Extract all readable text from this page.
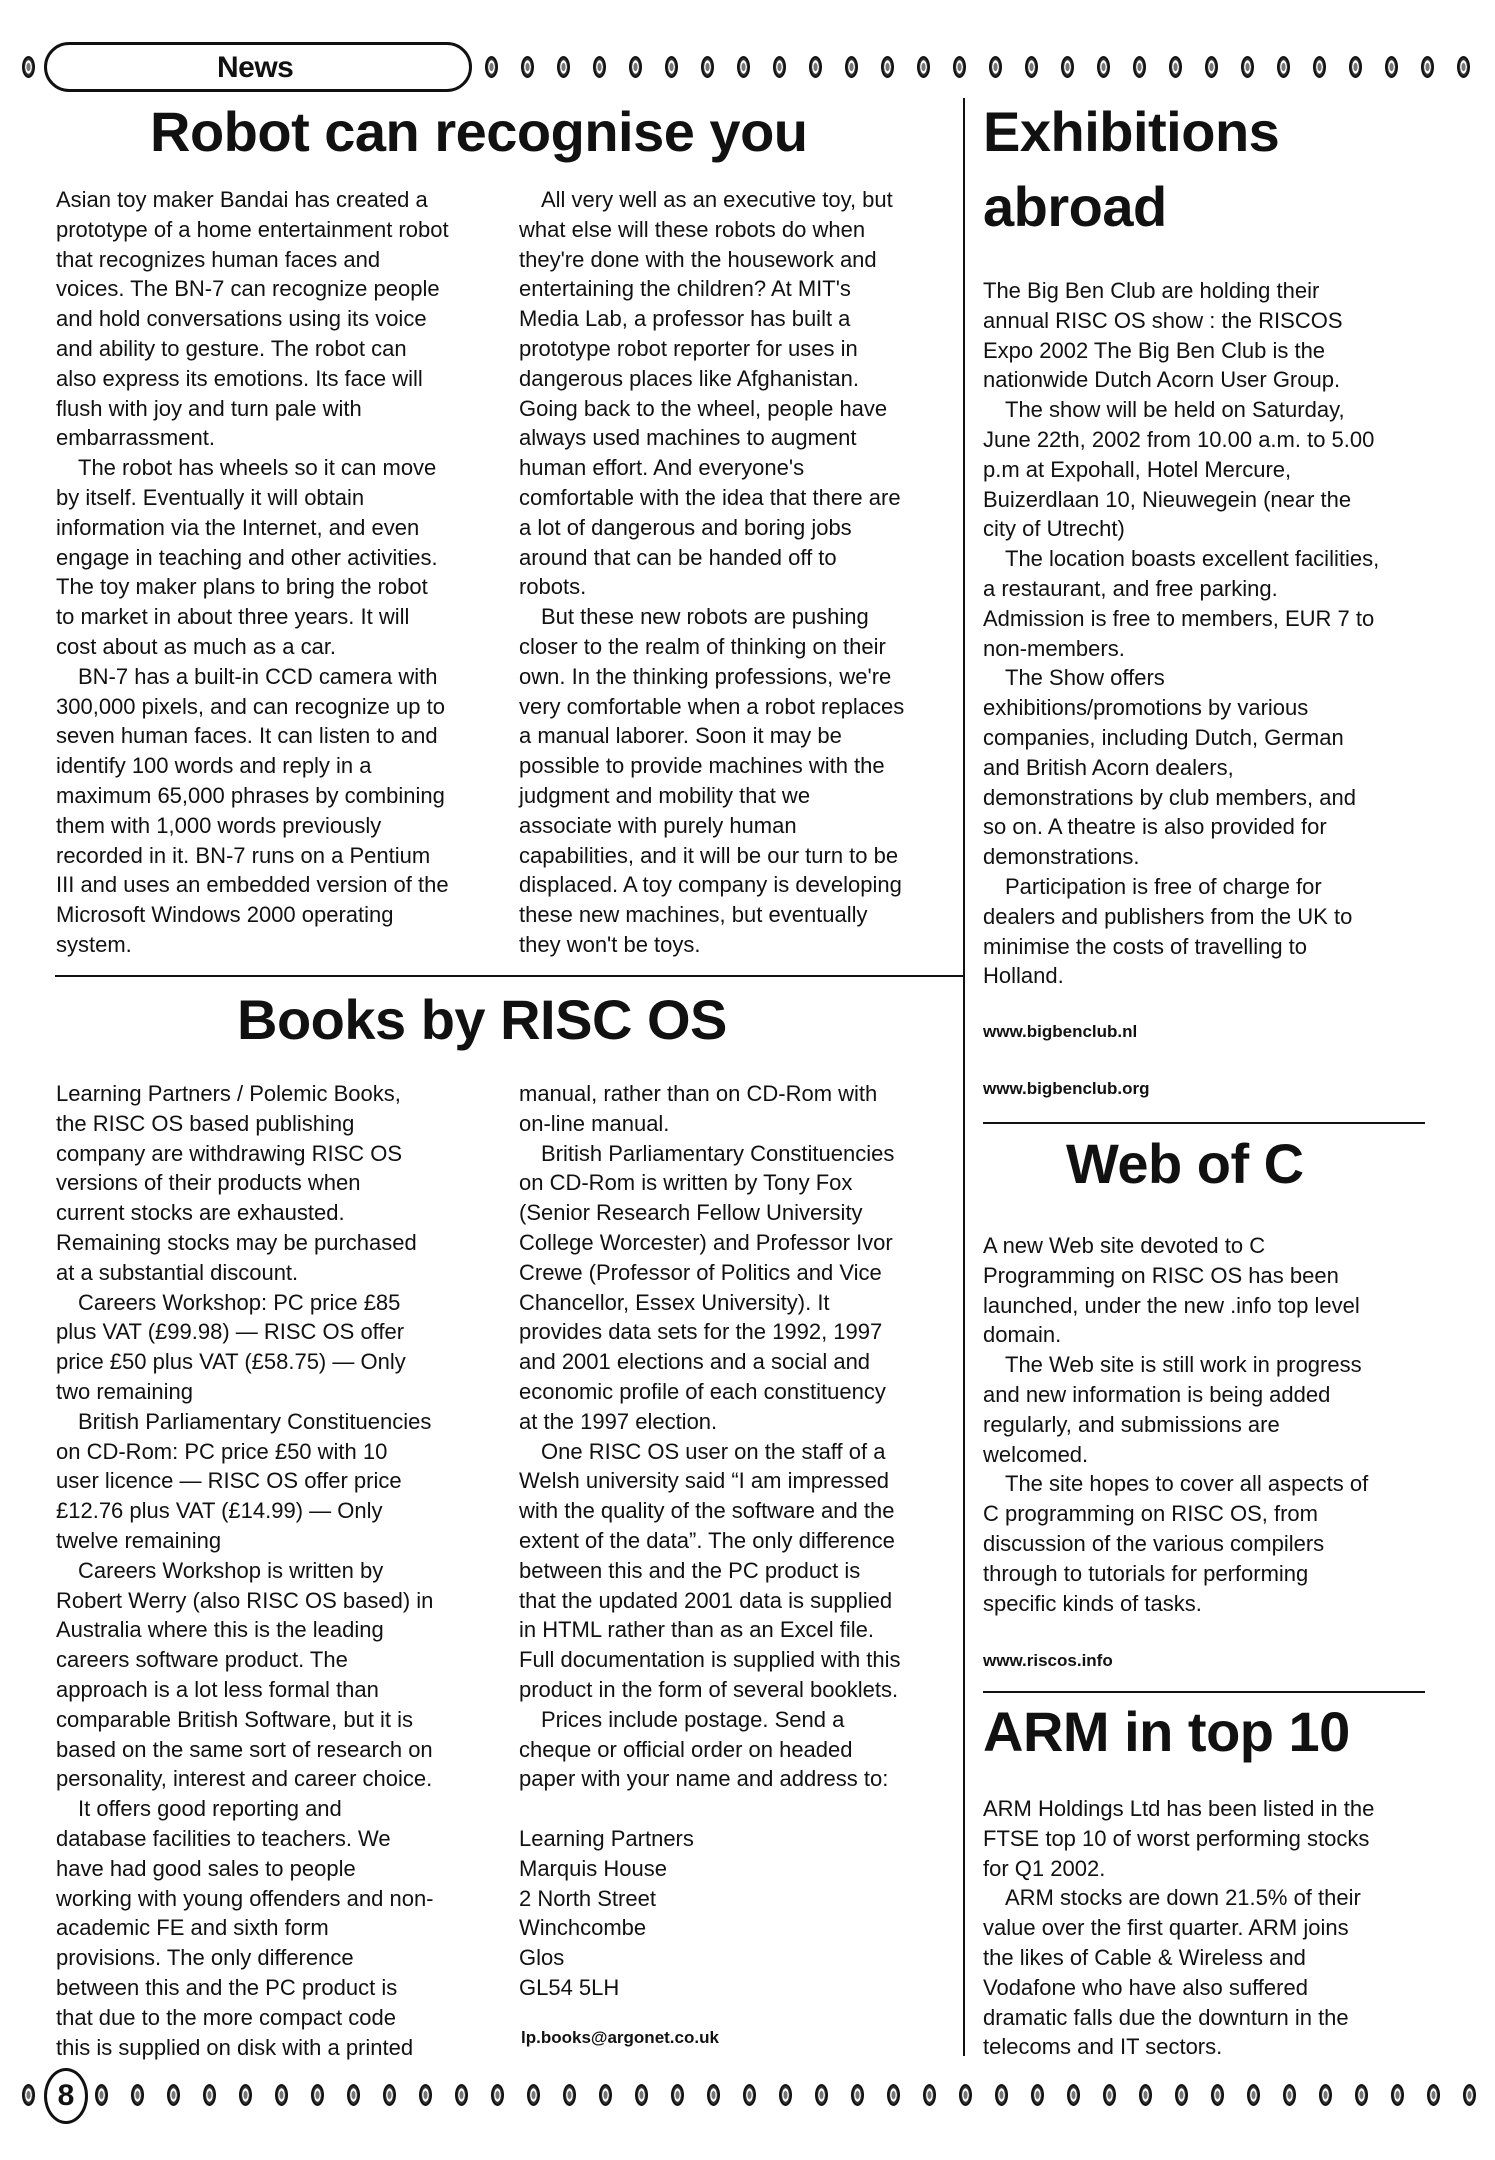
News
8
Robot can recognise you
Asian toy maker Bandai has created a
prototype of a home entertainment robot
that recognizes human faces and
voices. The BN-7 can recognize people
and hold conversations using its voice
and ability to gesture. The robot can
also express its emotions. Its face will
flush with joy and turn pale with
embarrassment.
The robot has wheels so it can move
by itself. Eventually it will obtain
information via the Internet, and even
engage in teaching and other activities.
The toy maker plans to bring the robot
to market in about three years. It will
cost about as much as a car.
BN-7 has a built-in CCD camera with
300,000 pixels, and can recognize up to
seven human faces. It can listen to and
identify 100 words and reply in a
maximum 65,000 phrases by combining
them with 1,000 words previously
recorded in it. BN-7 runs on a Pentium
III and uses an embedded version of the
Microsoft Windows 2000 operating
system.
All very well as an executive toy, but
what else will these robots do when
they're done with the housework and
entertaining the children? At MIT's
Media Lab, a professor has built a
prototype robot reporter for uses in
dangerous places like Afghanistan.
Going back to the wheel, people have
always used machines to augment
human effort. And everyone's
comfortable with the idea that there are
a lot of dangerous and boring jobs
around that can be handed off to
robots.
But these new robots are pushing
closer to the realm of thinking on their
own. In the thinking professions, we're
very comfortable when a robot replaces
a manual laborer. Soon it may be
possible to provide machines with the
judgment and mobility that we
associate with purely human
capabilities, and it will be our turn to be
displaced. A toy company is developing
these new machines, but eventually
they won't be toys.
Books by RISC OS
Learning Partners / Polemic Books,
the RISC OS based publishing
company are withdrawing RISC OS
versions of their products when
current stocks are exhausted.
Remaining stocks may be purchased
at a substantial discount.
Careers Workshop: PC price £85
plus VAT (£99.98) — RISC OS offer
price £50 plus VAT (£58.75) — Only
two remaining
British Parliamentary Constituencies
on CD-Rom: PC price £50 with 10
user licence — RISC OS offer price
£12.76 plus VAT (£14.99) — Only
twelve remaining
Careers Workshop is written by
Robert Werry (also RISC OS based) in
Australia where this is the leading
careers software product. The
approach is a lot less formal than
comparable British Software, but it is
based on the same sort of research on
personality, interest and career choice.
It offers good reporting and
database facilities to teachers. We
have had good sales to people
working with young offenders and non-
academic FE and sixth form
provisions. The only difference
between this and the PC product is
that due to the more compact code
this is supplied on disk with a printed
manual, rather than on CD-Rom with
on-line manual.
British Parliamentary Constituencies
on CD-Rom is written by Tony Fox
(Senior Research Fellow University
College Worcester) and Professor Ivor
Crewe (Professor of Politics and Vice
Chancellor, Essex University). It
provides data sets for the 1992, 1997
and 2001 elections and a social and
economic profile of each constituency
at the 1997 election.
One RISC OS user on the staff of a
Welsh university said “I am impressed
with the quality of the software and the
extent of the data”. The only difference
between this and the PC product is
that the updated 2001 data is supplied
in HTML rather than as an Excel file.
Full documentation is supplied with this
product in the form of several booklets.
Prices include postage. Send a
cheque or official order on headed
paper with your name and address to:
Learning Partners
Marquis House
2 North Street
Winchcombe
Glos
GL54 5LH
lp.books@argonet.co.uk
Exhibitions
abroad
The Big Ben Club are holding their
annual RISC OS show : the RISCOS
Expo 2002 The Big Ben Club is the
nationwide Dutch Acorn User Group.
The show will be held on Saturday,
June 22th, 2002 from 10.00 a.m. to 5.00
p.m at Expohall, Hotel Mercure,
Buizerdlaan 10, Nieuwegein (near the
city of Utrecht)
The location boasts excellent facilities,
a restaurant, and free parking.
Admission is free to members, EUR 7 to
non-members.
The Show offers
exhibitions/promotions by various
companies, including Dutch, German
and British Acorn dealers,
demonstrations by club members, and
so on. A theatre is also provided for
demonstrations.
Participation is free of charge for
dealers and publishers from the UK to
minimise the costs of travelling to
Holland.
www.bigbenclub.nl
www.bigbenclub.org
Web of C
A new Web site devoted to C
Programming on RISC OS has been
launched, under the new .info top level
domain.
The Web site is still work in progress
and new information is being added
regularly, and submissions are
welcomed.
The site hopes to cover all aspects of
C programming on RISC OS, from
discussion of the various compilers
through to tutorials for performing
specific kinds of tasks.
www.riscos.info
ARM in top 10
ARM Holdings Ltd has been listed in the
FTSE top 10 of worst performing stocks
for Q1 2002.
ARM stocks are down 21.5% of their
value over the first quarter. ARM joins
the likes of Cable & Wireless and
Vodafone who have also suffered
dramatic falls due the downturn in the
telecoms and IT sectors.
